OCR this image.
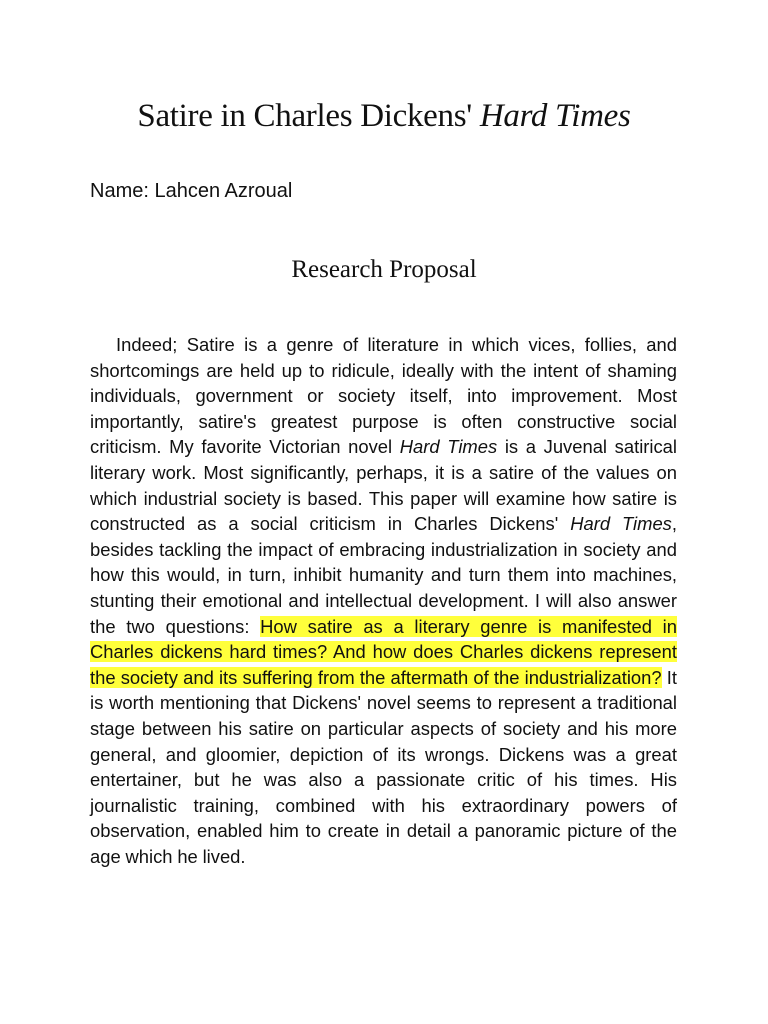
Satire in Charles Dickens' Hard Times

Name: Lahcen Azroual

Research Proposal

Indeed; Satire is a genre of literature in which vices, follies, and shortcomings are held up to ridicule, ideally with the intent of shaming individuals, government or society itself, into improvement. Most importantly, satire's greatest purpose is often constructive social criticism. My favorite Victorian novel Hard Times is a Juvenal satirical literary work. Most significantly, perhaps, it is a satire of the values on which industrial society is based. This paper will examine how satire is constructed as a social criticism in Charles Dickens' Hard Times, besides tackling the impact of embracing industrialization in society and how this would, in turn, inhibit humanity and turn them into machines, stunting their emotional and intellectual development. I will also answer the two questions: How satire as a literary genre is manifested in Charles dickens hard times? And how does Charles dickens represent the society and its suffering from the aftermath of the industrialization? It is worth mentioning that Dickens' novel seems to represent a traditional stage between his satire on particular aspects of society and his more general, and gloomier, depiction of its wrongs. Dickens was a great entertainer, but he was also a passionate critic of his times. His journalistic training, combined with his extraordinary powers of observation, enabled him to create in detail a panoramic picture of the age which he lived.
